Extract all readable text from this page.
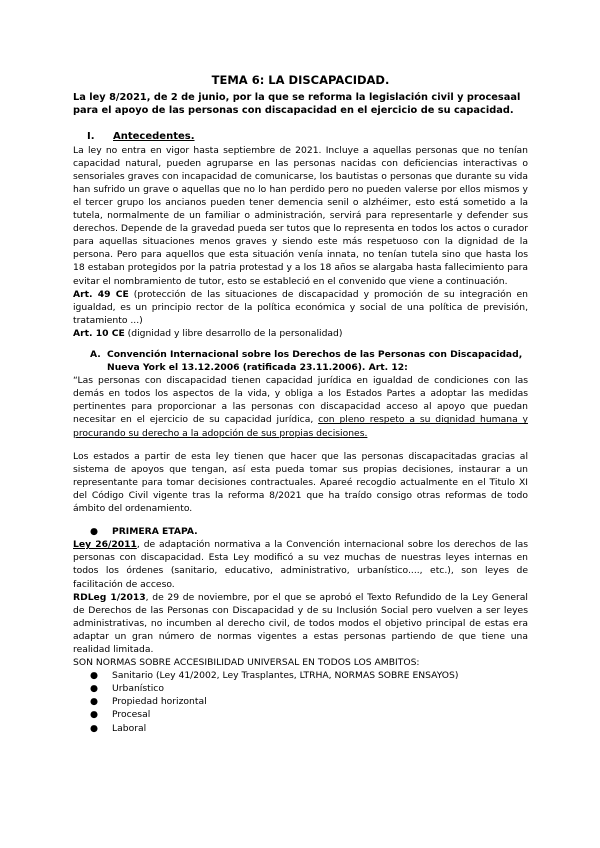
TEMA 6: LA DISCAPACIDAD.

La ley 8/2021, de 2 de junio, por la que se reforma la legislación civil y procesaal para el apoyo de las personas con discapacidad en el ejercicio de su capacidad.

I. Antecedentes.

La ley no entra en vigor hasta septiembre de 2021. Incluye a aquellas personas que no tenían capacidad natural, pueden agruparse en las personas nacidas con deficiencias interactivas o sensoriales graves con incapacidad de comunicarse, los bautistas o personas que durante su vida han sufrido un grave o aquellas que no lo han perdido pero no pueden valerse por ellos mismos y el tercer grupo los ancianos pueden tener demencia senil o alzhéimer, esto está sometido a la tutela, normalmente de un familiar o administración, servirá para representarle y defender sus derechos. Depende de la gravedad pueda ser tutos que lo representa en todos los actos o curador para aquellas situaciones menos graves y siendo este más respetuoso con la dignidad de la persona. Pero para aquellos que esta situación venía innata, no tenían tutela sino que hasta los 18 estaban protegidos por la patria protestad y a los 18 años se alargaba hasta fallecimiento para evitar el nombramiento de tutor, esto se estableció en el convenido que viene a continuación.

Art. 49 CE (protección de las situaciones de discapacidad y promoción de su integración en igualdad, es un principio rector de la política económica y social de una política de previsión, tratamiento ...)

Art. 10 CE (dignidad y libre desarrollo de la personalidad)

A. Convención Internacional sobre los Derechos de las Personas con Discapacidad, Nueva York el 13.12.2006 (ratificada 23.11.2006). Art. 12:

“Las personas con discapacidad tienen capacidad jurídica en igualdad de condiciones con las demás en todos los aspectos de la vida, y obliga a los Estados Partes a adoptar las medidas pertinentes para proporcionar a las personas con discapacidad acceso al apoyo que puedan necesitar en el ejercicio de su capacidad jurídica, con pleno respeto a su dignidad humana y procurando su derecho a la adopción de sus propias decisiones.

Los estados a partir de esta ley tienen que hacer que las personas discapacitadas gracias al sistema de apoyos que tengan, así esta pueda tomar sus propias decisiones, instaurar a un representante para tomar decisiones contractuales. Apareé recogdio actualmente en el Titulo XI del Código Civil vigente tras la reforma 8/2021 que ha traído consigo otras reformas de todo ámbito del ordenamiento.

●	PRIMERA ETAPA.

Ley 26/2011, de adaptación normativa a la Convención internacional sobre los derechos de las personas con discapacidad. Esta Ley modificó a su vez muchas de nuestras leyes internas en todos los órdenes (sanitario, educativo, administrativo, urbanístico...., etc.), son leyes de facilitación de acceso.

RDLeg 1/2013, de 29 de noviembre, por el que se aprobó el Texto Refundido de la Ley General de Derechos de las Personas con Discapacidad y de su Inclusión Social pero vuelven a ser leyes administrativas, no incumben al derecho civil, de todos modos el objetivo principal de estas era adaptar un gran número de normas vigentes a estas personas partiendo de que tiene una realidad limitada.

SON NORMAS SOBRE ACCESIBILIDAD UNIVERSAL EN TODOS LOS AMBITOS:

●	Sanitario (Ley 41/2002, Ley Trasplantes, LTRHA, NORMAS SOBRE ENSAYOS)
●	Urbanístico
●	Propiedad horizontal
●	Procesal
●	Laboral
